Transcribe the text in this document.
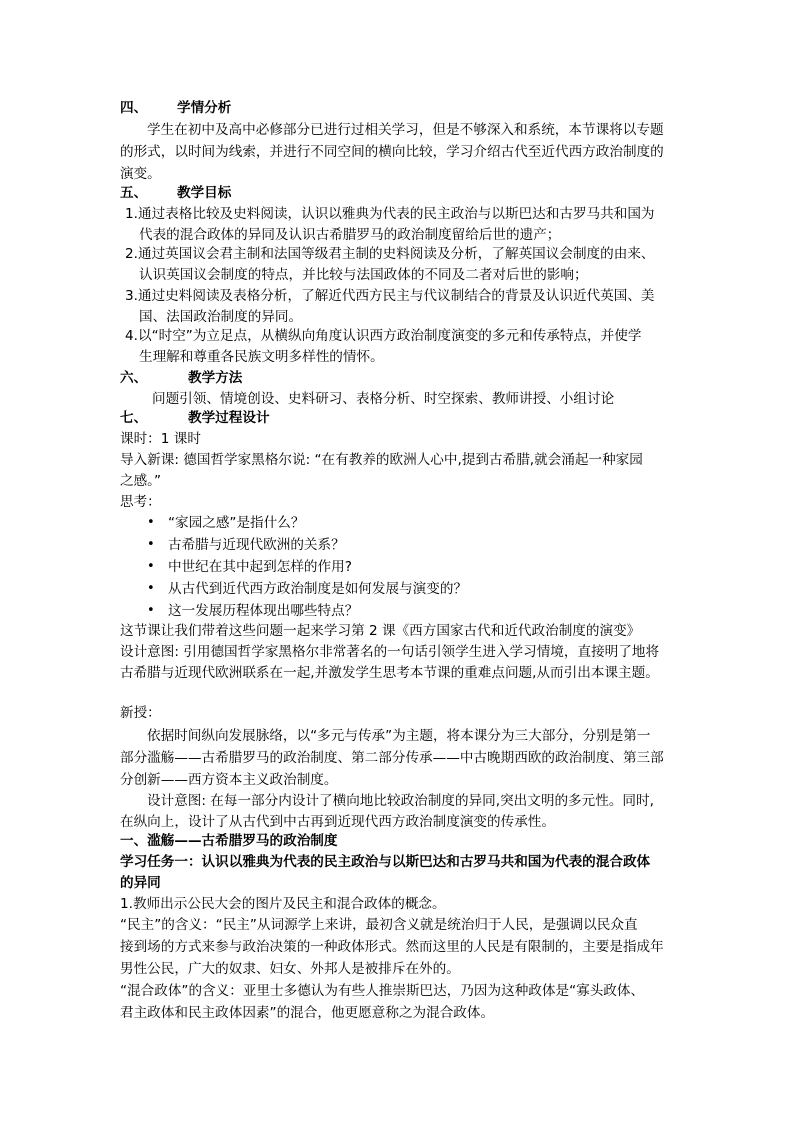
四、 学情分析
学生在初中及高中必修部分已进行过相关学习，但是不够深入和系统，本节课将以专题
的形式，以时间为线索，并进行不同空间的横向比较，学习介绍古代至近代西方政治制度的
演变。
五、 教学目标
1.通过表格比较及史料阅读，认识以雅典为代表的民主政治与以斯巴达和古罗马共和国为
代表的混合政体的异同及认识古希腊罗马的政治制度留给后世的遗产；
2.通过英国议会君主制和法国等级君主制的史料阅读及分析，了解英国议会制度的由来、
认识英国议会制度的特点，并比较与法国政体的不同及二者对后世的影响；
3.通过史料阅读及表格分析，了解近代西方民主与代议制结合的背景及认识近代英国、美
国、法国政治制度的异同。
4.以“时空”为立足点，从横纵向角度认识西方政治制度演变的多元和传承特点，并使学
生理解和尊重各民族文明多样性的情怀。
六、	教学方法
问题引领、情境创设、史料研习、表格分析、时空探索、教师讲授、小组讨论
七、	教学过程设计
课时：1 课时
导入新课: 德国哲学家黑格尔说: “在有教养的欧洲人心中,提到古希腊,就会涌起一种家园
之感。”
思考：
• “家园之感”是指什么？
• 古希腊与近现代欧洲的关系？
• 中世纪在其中起到怎样的作用?
• 从古代到近代西方政治制度是如何发展与演变的？
• 这一发展历程体现出哪些特点？
这节课让我们带着这些问题一起来学习第 2 课《西方国家古代和近代政治制度的演变》
设计意图: 引用德国哲学家黑格尔非常著名的一句话引领学生进入学习情境，直接明了地将
古希腊与近现代欧洲联系在一起,并激发学生思考本节课的重难点问题,从而引出本课主题。
新授：
依据时间纵向发展脉络，以“多元与传承”为主题，将本课分为三大部分，分别是第一
部分滥觞——古希腊罗马的政治制度、第二部分传承——中古晚期西欧的政治制度、第三部
分创新——西方资本主义政治制度。
设计意图: 在每一部分内设计了横向地比较政治制度的异同,突出文明的多元性。同时,
在纵向上，设计了从古代到中古再到近现代西方政治制度演变的传承性。
一、滥觞——古希腊罗马的政治制度
学习任务一：认识以雅典为代表的民主政治与以斯巴达和古罗马共和国为代表的混合政体
的异同
1.教师出示公民大会的图片及民主和混合政体的概念。
“民主”的含义：“民主”从词源学上来讲，最初含义就是统治归于人民，是强调以民众直
接到场的方式来参与政治决策的一种政体形式。然而这里的人民是有限制的，主要是指成年
男性公民，广大的奴隶、妇女、外邦人是被排斥在外的。
“混合政体”的含义：亚里士多德认为有些人推崇斯巴达，乃因为这种政体是“寡头政体、
君主政体和民主政体因素”的混合，他更愿意称之为混合政体。
